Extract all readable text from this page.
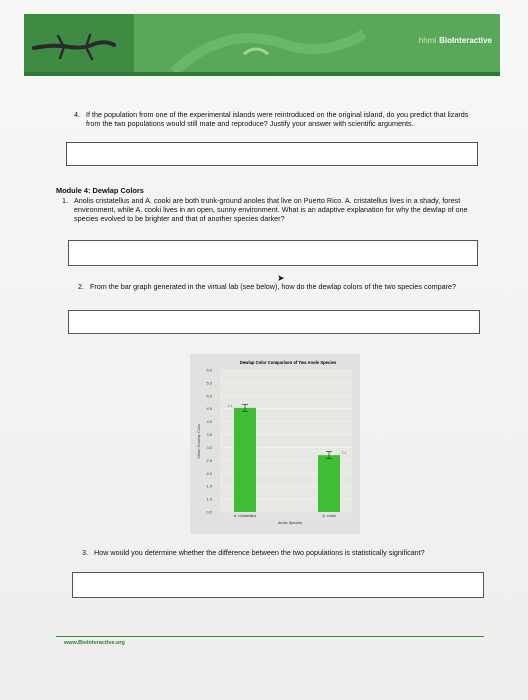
hhmi BioInteractive
4. If the population from one of the experimental islands were reintroduced on the original island, do you predict that lizards from the two populations would still mate and reproduce? Justify your answer with scientific arguments.
Module 4: Dewlap Colors
1. Anolis cristatellus and A. cooki are both trunk-ground anoles that live on Puerto Rico. A. cristatellus lives in a shady, forest environment, while A. cooki lives in an open, sunny environment. What is an adaptive explanation for why the dewlap of one species evolved to be brighter and that of another species darker?
➤
2. From the bar graph generated in the virtual lab (see below), how do the dewlap colors of the two species compare?
Dewlap Color Comparison of Two Anole Species
0.0
1.0
1.5
2.0
2.5
3.0
3.5
4.0
4.5
5.0
5.5
6.0
Mean Dewlap Color
4.4
A. cristatellus
2.4
A. cooki
Anole Species
3. How would you determine whether the difference between the two populations is statistically significant?
www.BioInteractive.org
